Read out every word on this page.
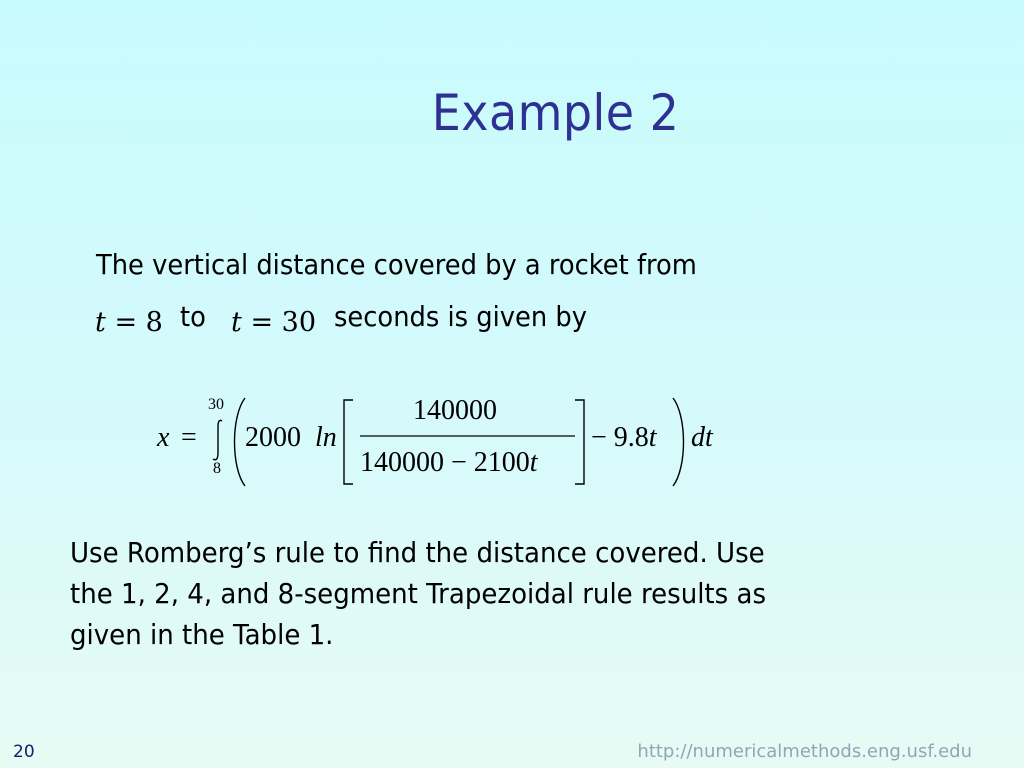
Example 2
The vertical distance covered by a rocket from
t = 8 to t = 30 seconds is given by
x =
30
8
2000 ln
140000
140000 − 2100t
− 9.8t dt
Use Romberg’s rule to find the distance covered. Use
the 1, 2, 4, and 8-segment Trapezoidal rule results as
given in the Table 1.
20	http://numericalmethods.eng.usf.edu
